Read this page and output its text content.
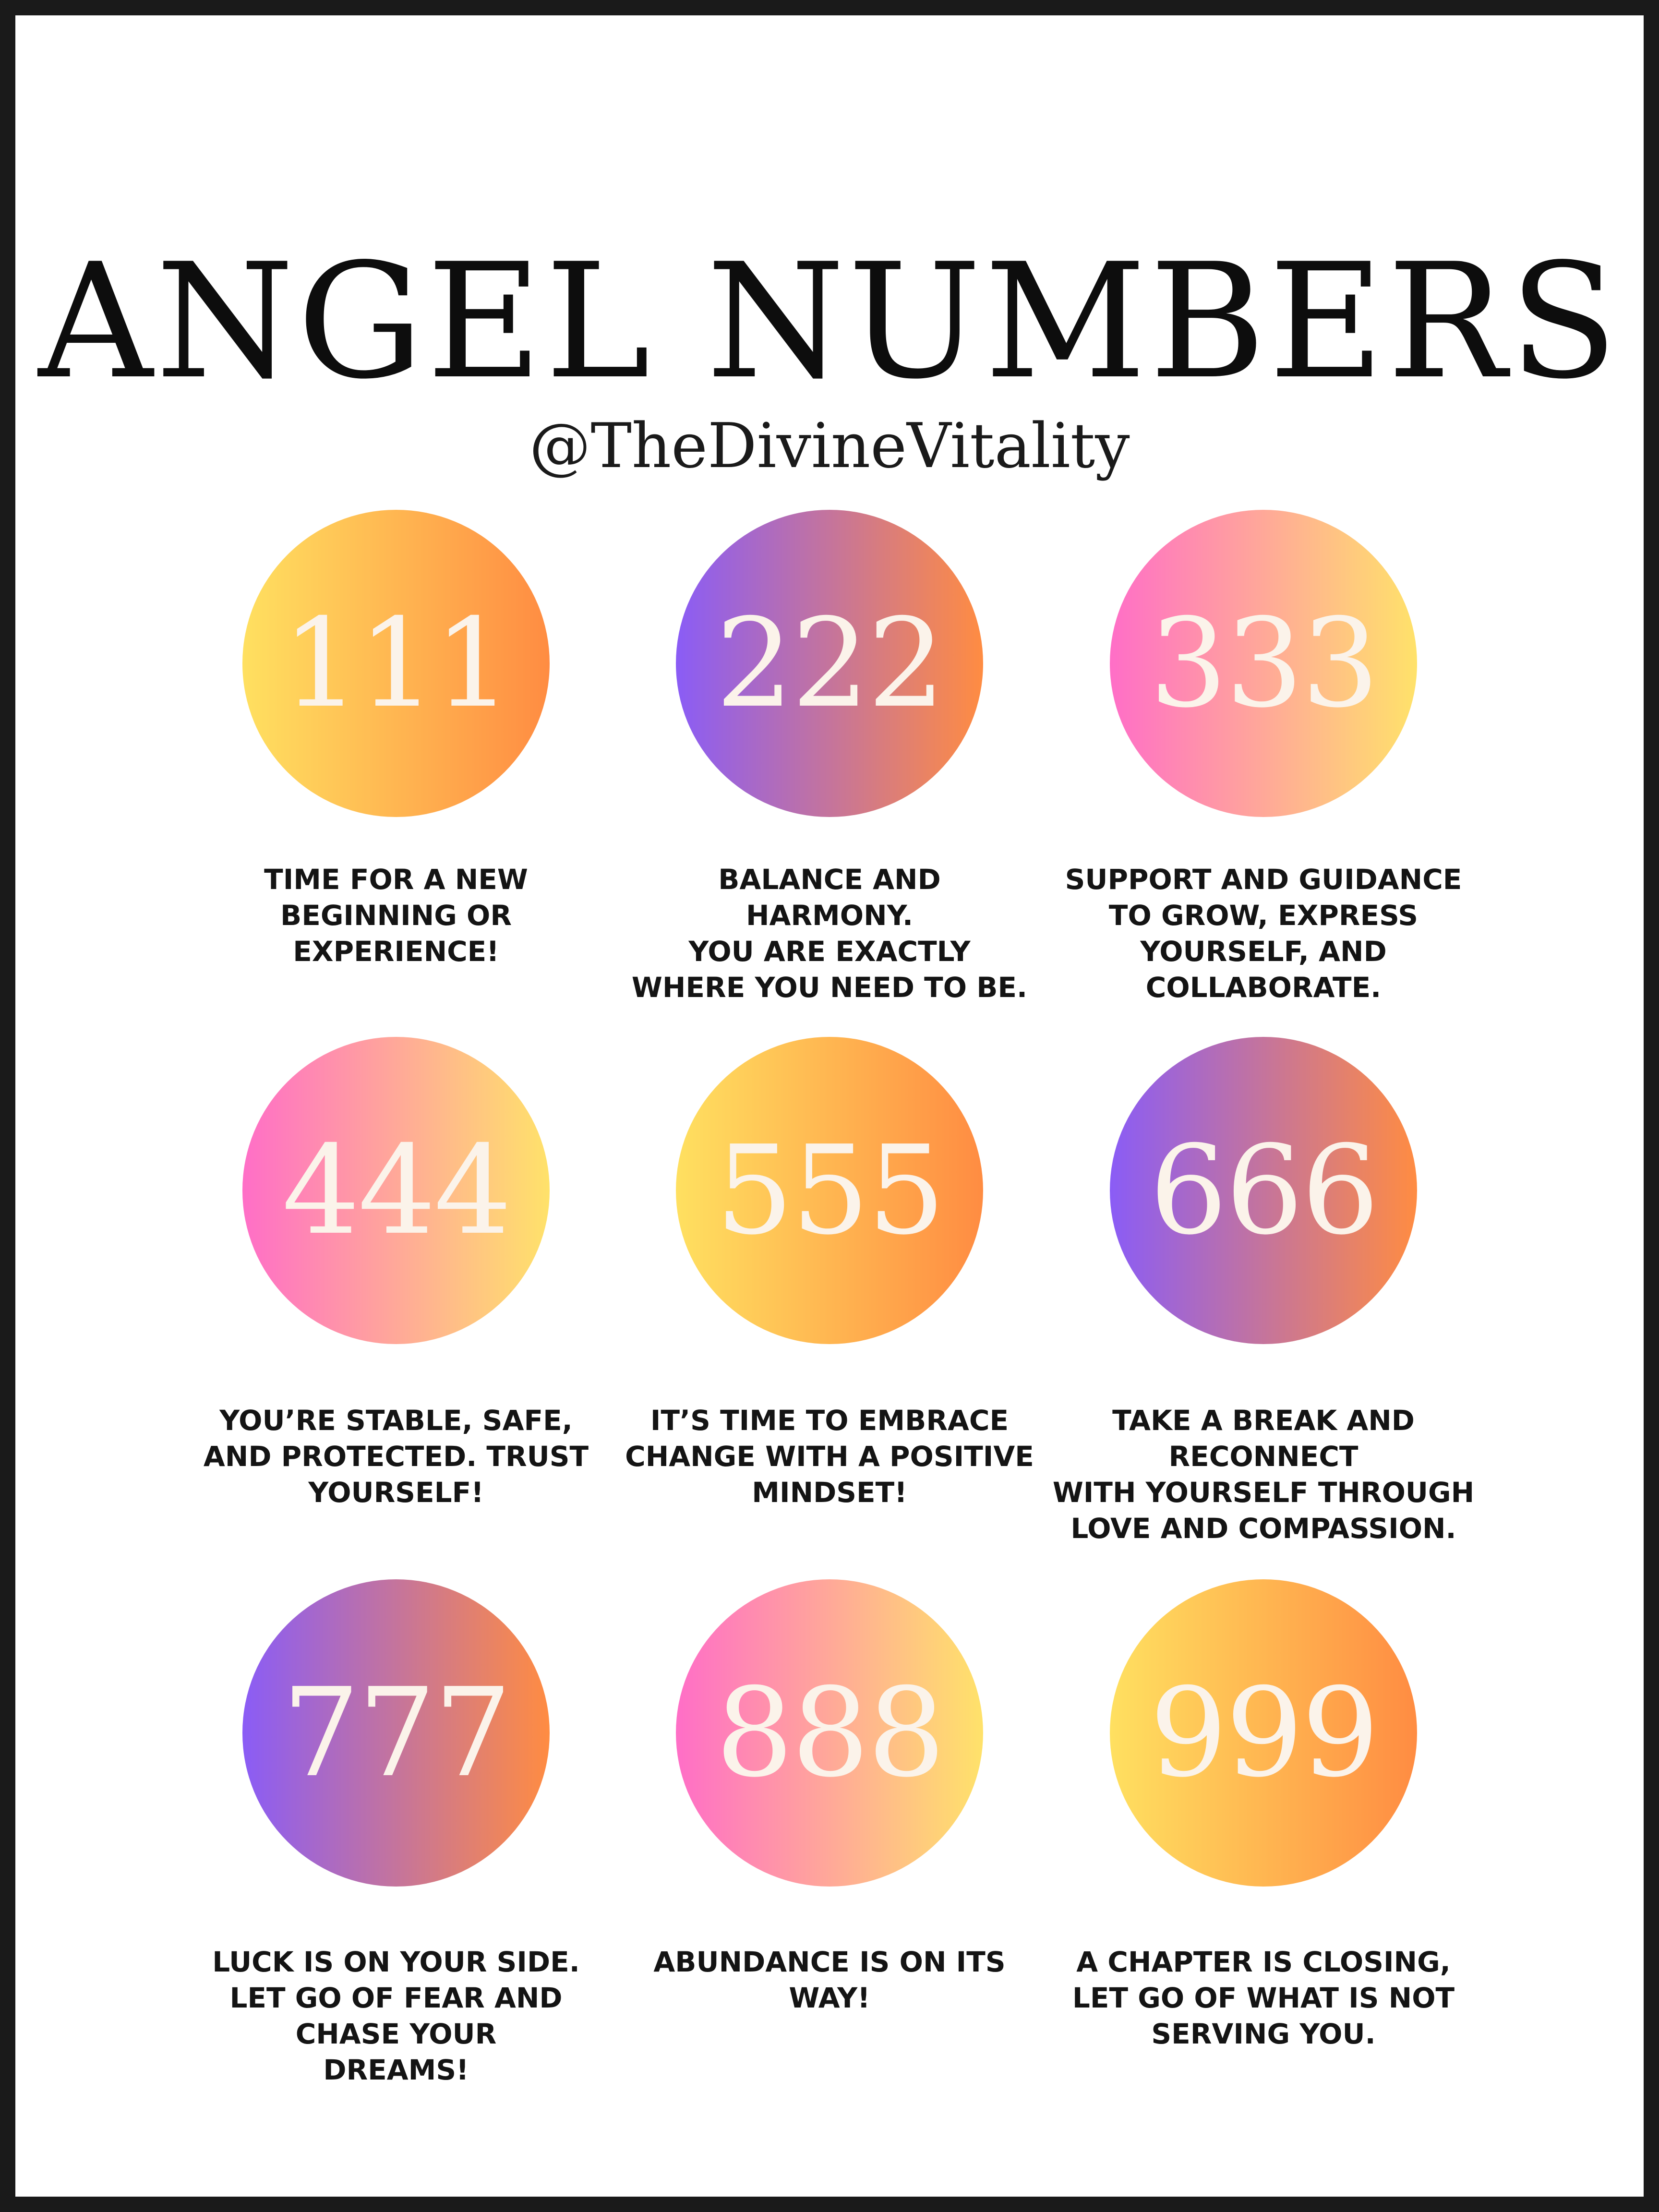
ANGEL NUMBERS
@TheDivineVitality
111
TIME FOR A NEW
BEGINNING OR
EXPERIENCE!
222
BALANCE AND
HARMONY.
YOU ARE EXACTLY
WHERE YOU NEED TO BE.
333
SUPPORT AND GUIDANCE
TO GROW, EXPRESS
YOURSELF, AND
COLLABORATE.
444
YOU’RE STABLE, SAFE,
AND PROTECTED. TRUST
YOURSELF!
555
IT’S TIME TO EMBRACE
CHANGE WITH A POSITIVE
MINDSET!
666
TAKE A BREAK AND
RECONNECT
WITH YOURSELF THROUGH
LOVE AND COMPASSION.
777
LUCK IS ON YOUR SIDE.
LET GO OF FEAR AND
CHASE YOUR
DREAMS!
888
ABUNDANCE IS ON ITS
WAY!
999
A CHAPTER IS CLOSING,
LET GO OF WHAT IS NOT
SERVING YOU.
